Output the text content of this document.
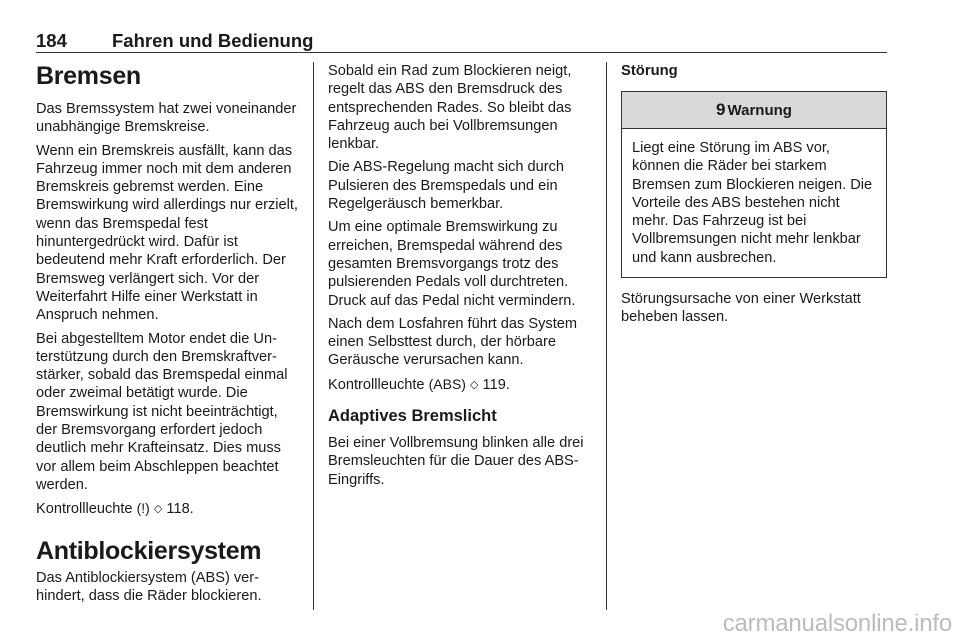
184 Fahren und Bedienung
Bremsen

Das Bremssystem hat zwei voneinander unabhängige Bremskreise.

Wenn ein Bremskreis ausfällt, kann das Fahrzeug immer noch mit dem anderen Bremskreis gebremst werden. Eine Bremswirkung wird allerdings nur erzielt, wenn das Bremspedal fest hinuntergedrückt wird. Dafür ist bedeutend mehr Kraft erforderlich. Der Bremsweg verlängert sich. Vor der Weiterfahrt Hilfe einer Werkstatt in Anspruch nehmen.

Bei abgestelltem Motor endet die Unterstützung durch den Bremskraftverstärker, sobald das Bremspedal einmal oder zweimal betätigt wurde. Die Bremswirkung ist nicht beeinträchtigt, der Bremsvorgang erfordert jedoch deutlich mehr Krafteinsatz. Dies muss vor allem beim Abschleppen beachtet werden.

Kontrollleuchte (!) ◇ 118.

Antiblockiersystem

Das Antiblockiersystem (ABS) verhindert, dass die Räder blockieren.

Sobald ein Rad zum Blockieren neigt, regelt das ABS den Bremsdruck des entsprechenden Rades. So bleibt das Fahrzeug auch bei Vollbremsungen lenkbar.

Die ABS-Regelung macht sich durch Pulsieren des Bremspedals und ein Regelgeräusch bemerkbar.

Um eine optimale Bremswirkung zu erreichen, Bremspedal während des gesamten Bremsvorgangs trotz des pulsierenden Pedals voll durchtreten. Druck auf das Pedal nicht vermindern.

Nach dem Losfahren führt das System einen Selbsttest durch, der hörbare Geräusche verursachen kann.

Kontrollleuchte (ABS) ◇ 119.

Adaptives Bremslicht

Bei einer Vollbremsung blinken alle drei Bremsleuchten für die Dauer des ABS-Eingriffs.

Störung
9 Warnung
Liegt eine Störung im ABS vor, können die Räder bei starkem Bremsen zum Blockieren neigen. Die Vorteile des ABS bestehen nicht mehr. Das Fahrzeug ist bei Vollbremsungen nicht mehr lenkbar und kann ausbrechen.

Störungsursache von einer Werkstatt beheben lassen.

carmanualsonline.info
